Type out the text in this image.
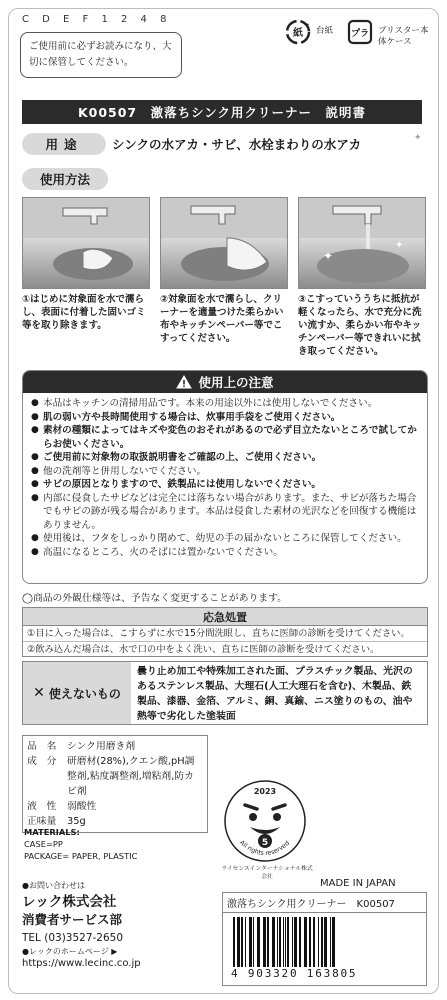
C D E F 1 2 4 8
ご使用前に必ずお読みになり、大切に保管してください。
紙 台紙 プラ ブリスター本体ケース
K00507　激落ちシンク用クリーナー　説明書
用途	シンクの水アカ・サビ、水栓まわりの水アカ	✦
使用方法
①はじめに対象面を水で濡らし、表面に付着した固いゴミ等を取り除きます。
②対象面を水で濡らし、クリーナーを適量つけた柔らかい布やキッチンペーパー等でこすってください。
✦
✦
③こすっていううちに抵抗が軽くなったら、水で充分に洗い流すか、柔らかい布やキッチンペーパー等できれいに拭き取ってください。
使用上の注意
● 本品はキッチンの清掃用品です。本来の用途以外には使用しないでください。
● 肌の弱い方や長時間使用する場合は、炊事用手袋をご使用ください。
● 素材の種類によってはキズや変色のおそれがあるので必ず目立たないところで試してからお使いください。
● ご使用前に対象物の取扱説明書をご確認の上、ご使用ください。
● 他の洗剤等と併用しないでください。
● サビの原因となりますので、鉄製品には使用しないでください。
● 内部に侵食したサビなどは完全には落ちない場合があります。また、サビが落ちた場合でもサビの跡が残る場合があります。本品は侵食した素材の光沢などを回復する機能はありません。
● 使用後は、フタをしっかり閉めて、幼児の手の届かないところに保管してください。
● 高温になるところ、火のそばには置かないでください。
◯商品の外観仕様等は、予告なく変更することがあります。
応急処置
①目に入った場合は、こすらずに水で15分間洗眼し、直ちに医師の診断を受けてください。
②飲み込んだ場合は、水で口の中をよく洗い、直ちに医師の診断を受けてください。
✕ 使えないもの
曇り止め加工や特殊加工された面、プラスチック製品、光沢のあるステンレス製品、大理石(人工大理石を含む)、木製品、鉄製品、漆器、金箔、アルミ、銅、真鍮、ニス塗りのもの、油や熱等で劣化した塗装面
品　名	シンク用磨き剤
成　分	研磨材(28%),クエン酸,pH調整剤,粘度調整剤,増粘剤,防カビ剤
液　性	弱酸性
正味量	35g
MATERIALS:
CASE=PP
PACKAGE= PAPER, PLASTIC
2023
5
All rights reserved
ライセンスインターナショナル株式会社
●お問い合わせは
レック株式会社
消費者サービス部
TEL (03)3527-2650
●レックのホームページ ▶
https://www.lecinc.co.jp
MADE IN JAPAN
激落ちシンク用クリーナー　K00507
4 903320 163805
